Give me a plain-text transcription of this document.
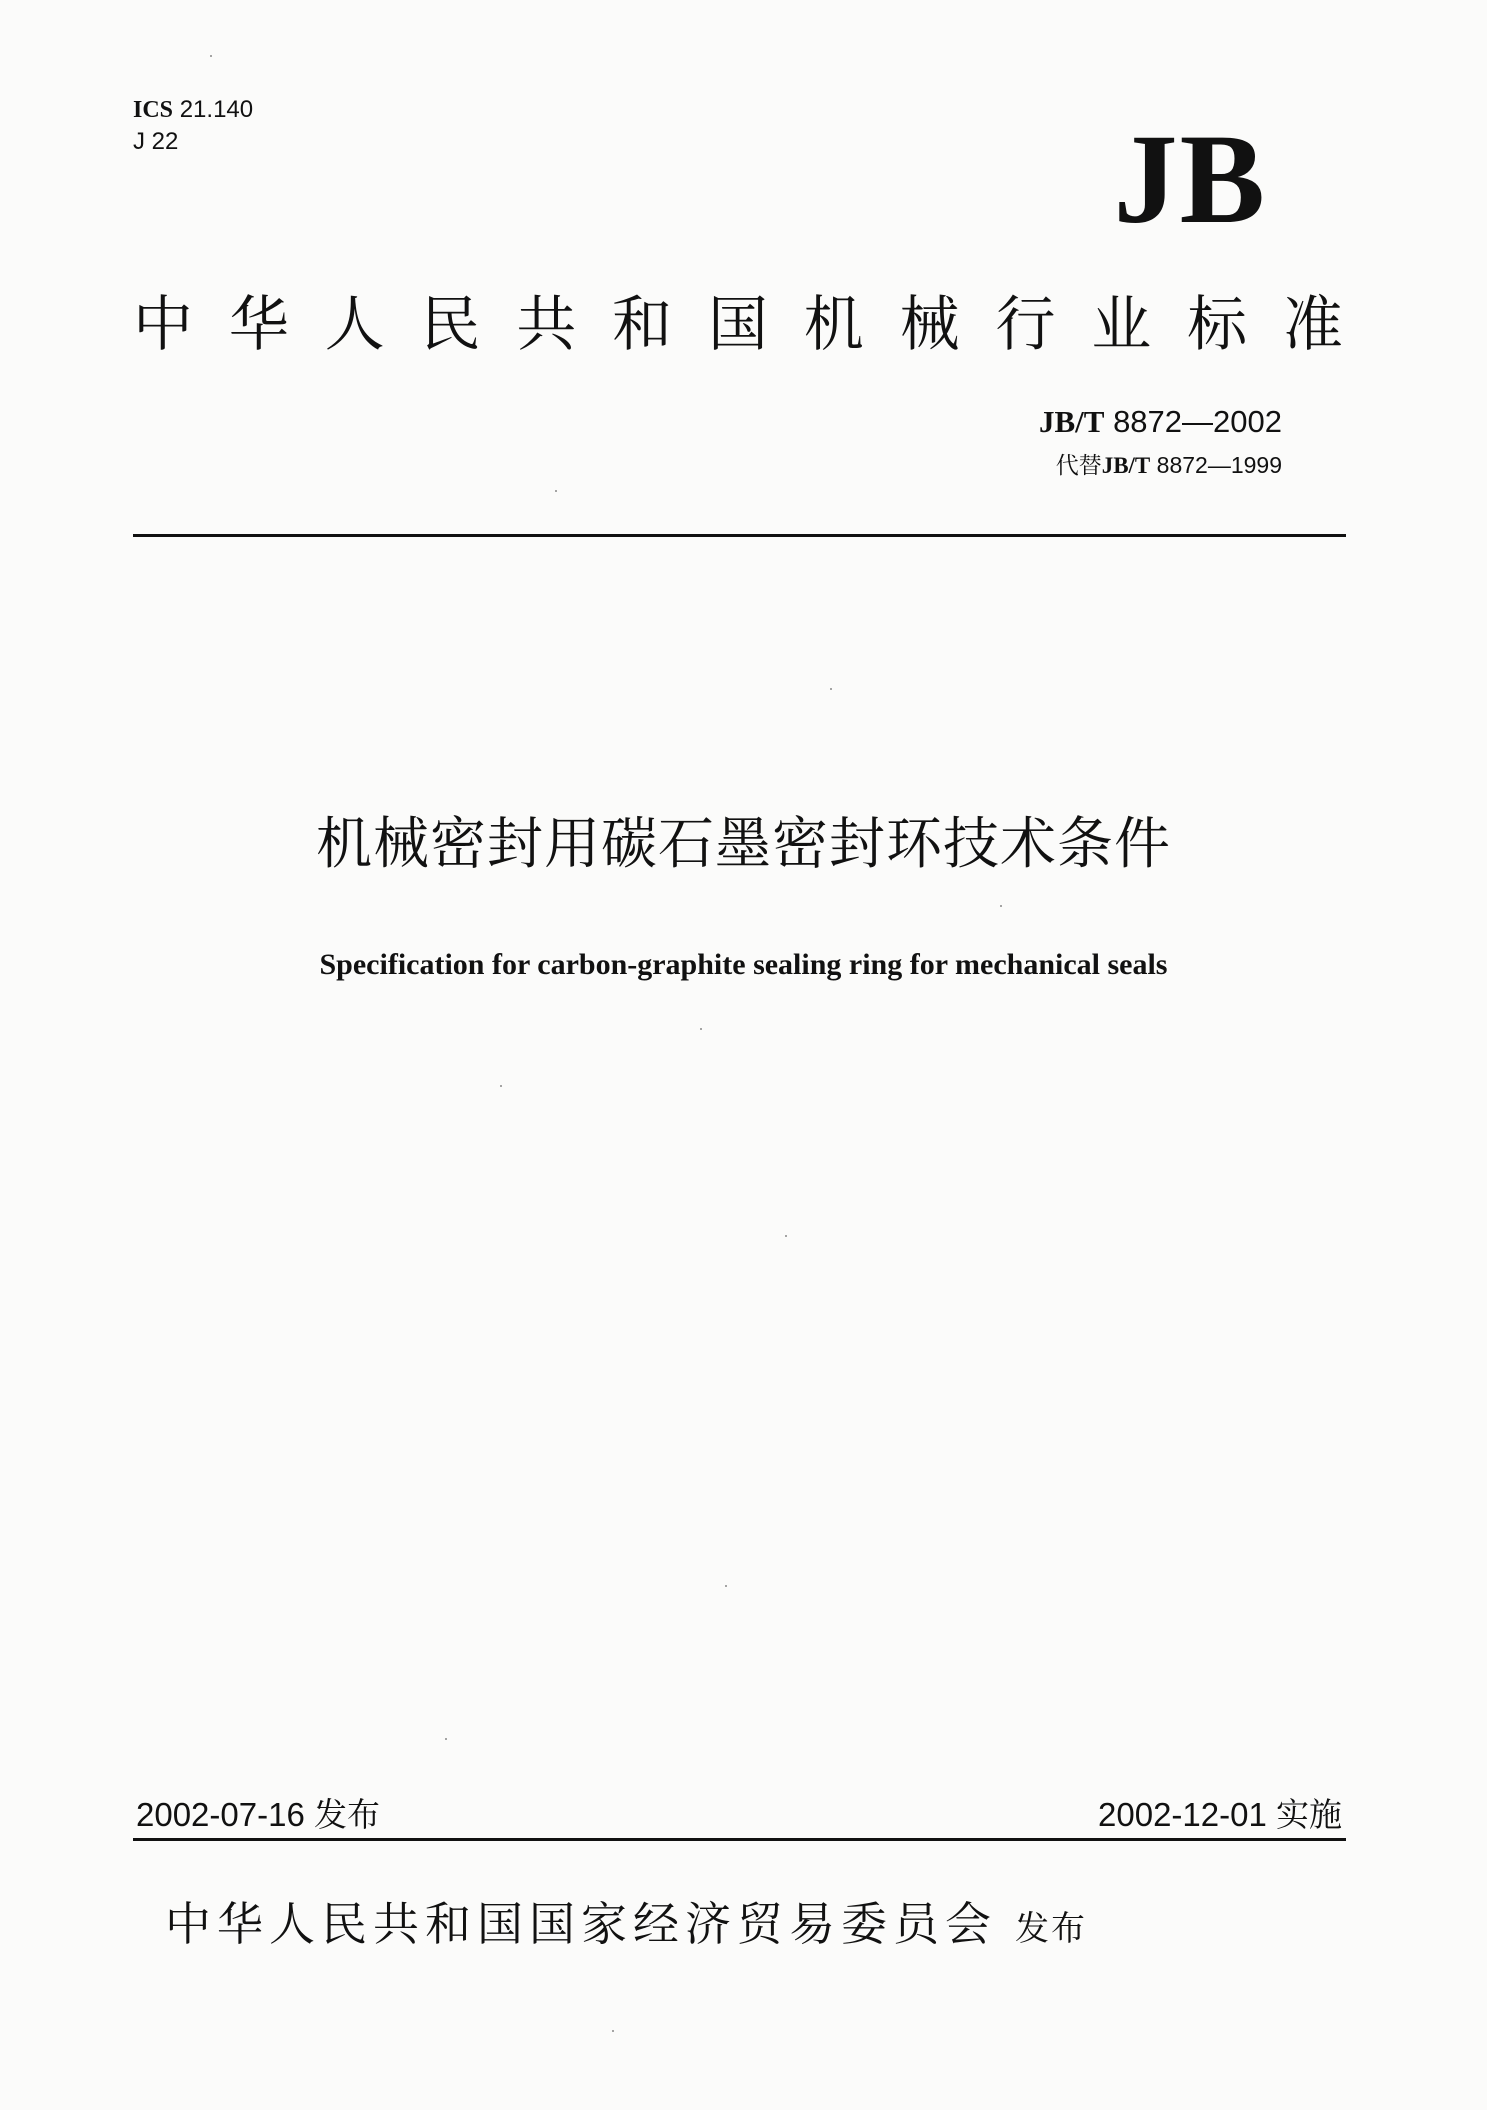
ICS 21.140
J 22	JB
中 华 人 民 共 和 国 机 械 行 业 标 准
JB/T 8872—2002
代替JB/T 8872—1999
机械密封用碳石墨密封环技术条件
Specification for carbon-graphite sealing ring for mechanical seals
2002-07-16 发布	2002-12-01 实施
中华人民共和国国家经济贸易委员会 发布
